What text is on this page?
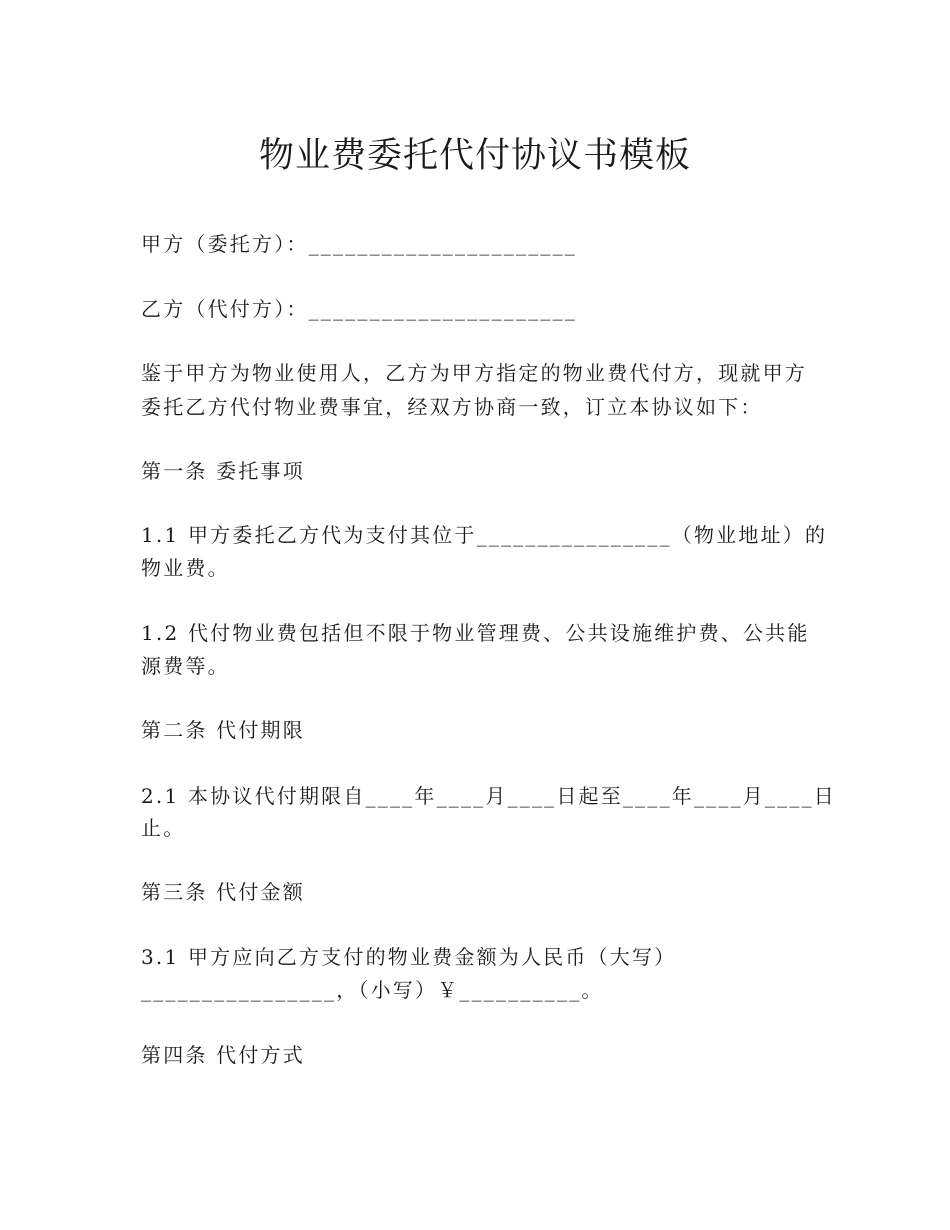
物业费委托代付协议书模板

甲方（委托方）：______________________

乙方（代付方）：______________________

鉴于甲方为物业使用人，乙方为甲方指定的物业费代付方，现就甲方

委托乙方代付物业费事宜，经双方协商一致，订立本协议如下：

第一条 委托事项

1.1 甲方委托乙方代为支付其位于________________（物业地址）的

物业费。

1.2 代付物业费包括但不限于物业管理费、公共设施维护费、公共能

源费等。

第二条 代付期限

2.1 本协议代付期限自____年____月____日起至____年____月____日

止。

第三条 代付金额

3.1 甲方应向乙方支付的物业费金额为人民币（大写）

________________，（小写）￥__________。

第四条 代付方式
